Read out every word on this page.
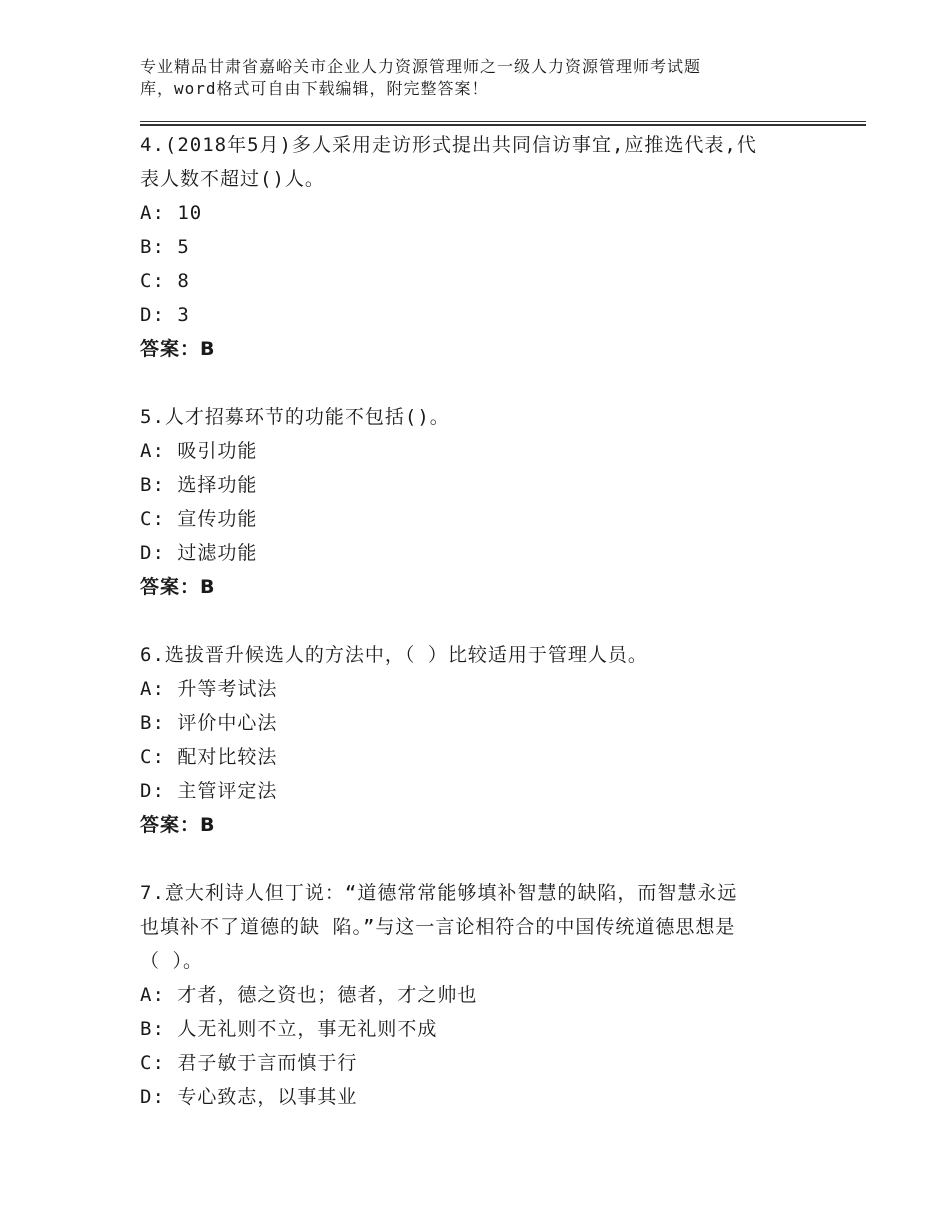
专业精品甘肃省嘉峪关市企业人力资源管理师之一级人力资源管理师考试题
库，word格式可自由下载编辑，附完整答案！

4.(2018年5月)多人采用走访形式提出共同信访事宜,应推选代表,代
表人数不超过()人。

A: 10

B: 5

C: 8

D: 3

答案：B

5.人才招募环节的功能不包括()。

A: 吸引功能

B: 选择功能

C: 宣传功能

D: 过滤功能

答案：B

6.选拔晋升候选人的方法中，（ ）比较适用于管理人员。

A: 升等考试法

B: 评价中心法

C: 配对比较法

D: 主管评定法

答案：B

7.意大利诗人但丁说：“道德常常能够填补智慧的缺陷，而智慧永远
也填补不了道德的缺 陷。”与这一言论相符合的中国传统道德思想是
（ ）。

A: 才者，德之资也；德者，才之帅也

B: 人无礼则不立，事无礼则不成

C: 君子敏于言而慎于行

D: 专心致志，以事其业
